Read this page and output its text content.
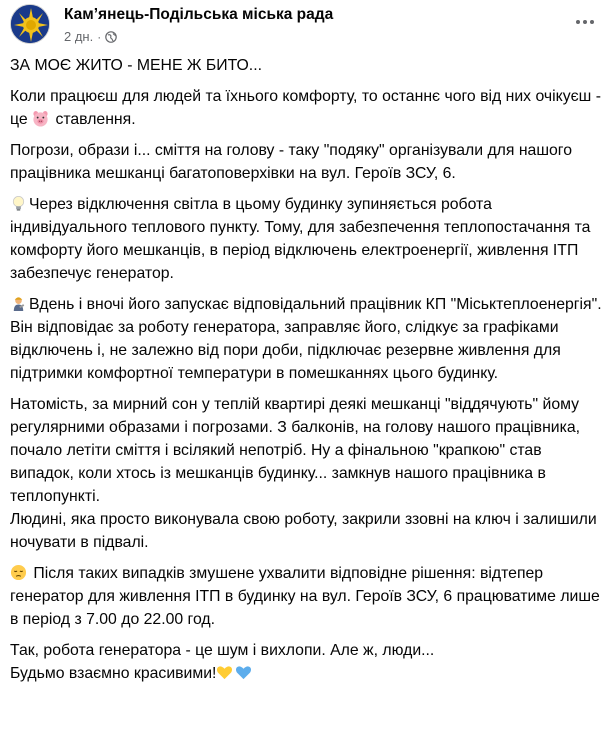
Кам’янець-Подільська міська рада
2 дн. ·

ЗА МОЄ ЖИТО - МЕНЕ Ж БИТО...

Коли працюєш для людей та їхнього комфорту, то останнє чого від них очікуєш - це ставлення.

Погрози, образи і... сміття на голову - таку "подяку" організували для нашого працівника мешканці багатоповерхівки на вул. Героїв ЗСУ, 6.

Через відключення світла в цьому будинку зупиняється робота індивідуального теплового пункту. Тому, для забезпечення теплопостачання та комфорту його мешканців, в період відключень електроенергії, живлення ІТП забезпечує генератор.

Вдень і вночі його запускає відповідальний працівник КП "Міськтеплоенергія". Він відповідає за роботу генератора, заправляє його, слідкує за графіками відключень і, не залежно від пори доби, підключає резервне живлення для підтримки комфортної температури в помешканнях цього будинку.

Натомість, за мирний сон у теплій квартирі деякі мешканці "віддячують" йому регулярними образами і погрозами. З балконів, на голову нашого працівника, почало летіти сміття і всілякий непотріб. Ну а фінальною "крапкою" став випадок, коли хтось із мешканців будинку... замкнув нашого працівника в теплопункті.

Людині, яка просто виконувала свою роботу, закрили ззовні на ключ і залишили ночувати в підвалі.

Після таких випадків змушене ухвалити відповідне рішення: відтепер генератор для живлення ІТП в будинку на вул. Героїв ЗСУ, 6 працюватиме лише в період з 7.00 до 22.00 год.

Так, робота генератора - це шум і вихлопи. Але ж, люди...

Будьмо взаємно красивими!
